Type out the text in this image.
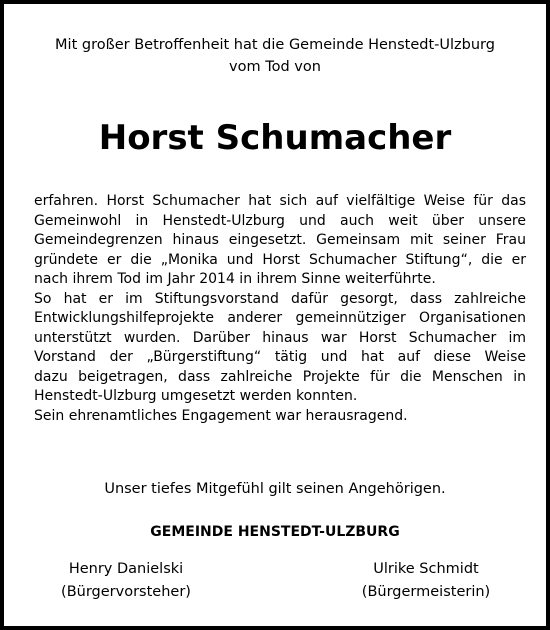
Mit großer Betroffenheit hat die Gemeinde Henstedt-Ulzburg
vom Tod von
Horst Schumacher
erfahren. Horst Schumacher hat sich auf vielfältige Weise für das
Gemeinwohl in Henstedt-Ulzburg und auch weit über unsere
Gemeindegrenzen hinaus eingesetzt. Gemeinsam mit seiner Frau
gründete er die „Monika und Horst Schumacher Stiftung“, die er
nach ihrem Tod im Jahr 2014 in ihrem Sinne weiterführte.
So hat er im Stiftungsvorstand dafür gesorgt, dass zahlreiche
Entwicklungshilfeprojekte anderer gemeinnütziger Organisationen
unterstützt wurden. Darüber hinaus war Horst Schumacher im
Vorstand der „Bürgerstiftung“ tätig und hat auf diese Weise
dazu beigetragen, dass zahlreiche Projekte für die Menschen in
Henstedt-Ulzburg umgesetzt werden konnten.
Sein ehrenamtliches Engagement war herausragend.
Unser tiefes Mitgefühl gilt seinen Angehörigen.
GEMEINDE HENSTEDT-ULZBURG
Henry Danielski
(Bürgervorsteher)
Ulrike Schmidt
(Bürgermeisterin)
